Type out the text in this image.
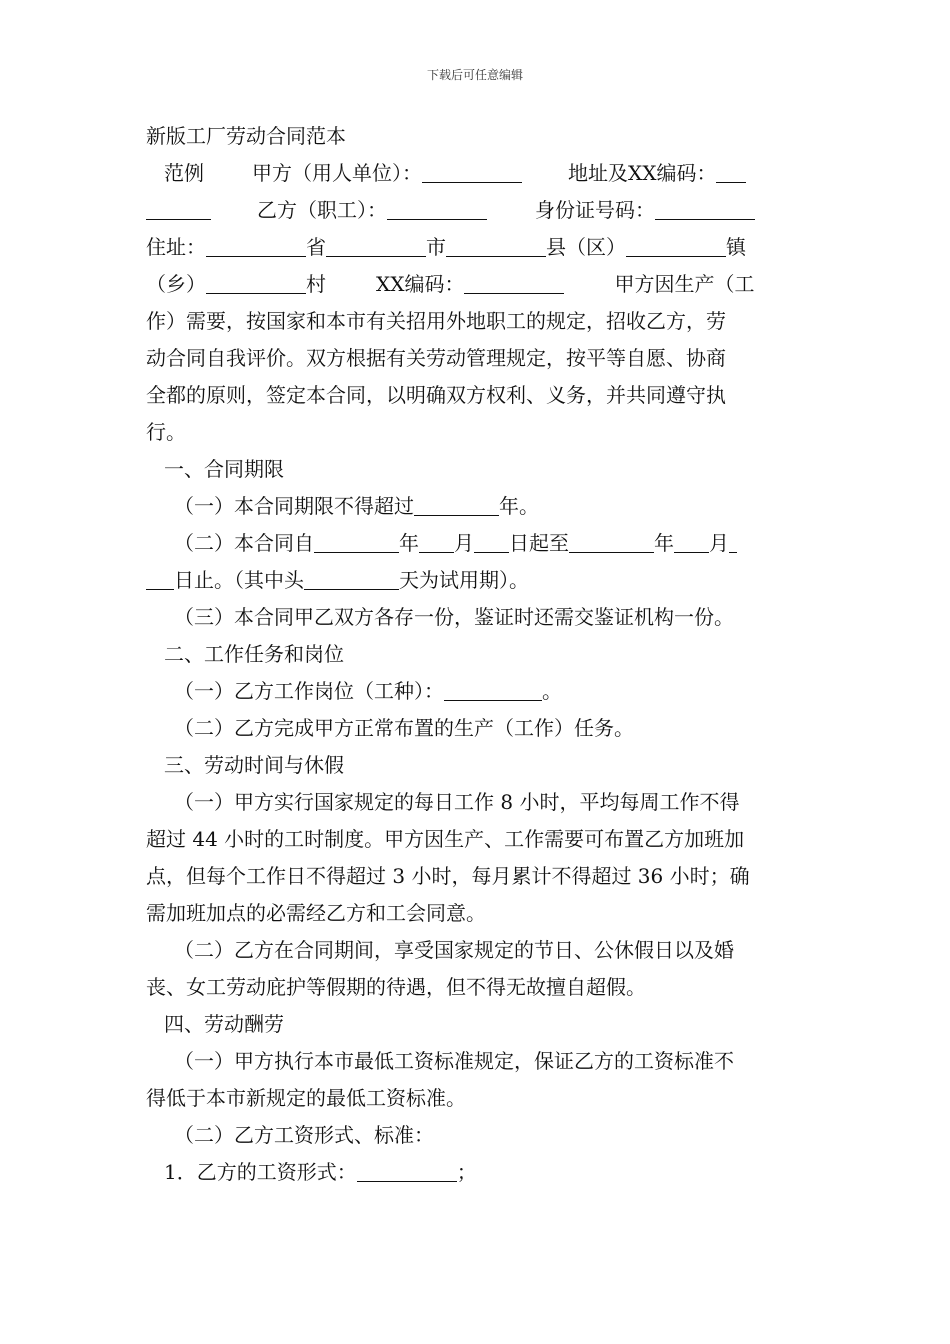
下载后可任意编辑
新版工厂劳动合同范本
范例 甲方（用人单位）：	地址及XX编码：
乙方（职工）：	身份证号码：
住址：	省	市	县（区）	镇
（乡）	村	XX编码：	甲方因生产（工
作）需要，按国家和本市有关招用外地职工的规定，招收乙方，劳
动合同自我评价。双方根据有关劳动管理规定，按平等自愿、协商
全都的原则，签定本合同，以明确双方权利、义务，并共同遵守执
行。
一、合同期限
（一）本合同期限不得超过	年。
（二）本合同自	年 月 日起至	年 月
日止。（其中头	天为试用期）。
（三）本合同甲乙双方各存一份，鉴证时还需交鉴证机构一份。
二、工作任务和岗位
（一）乙方工作岗位（工种）：	。
（二）乙方完成甲方正常布置的生产（工作）任务。
三、劳动时间与休假
（一）甲方实行国家规定的每日工作 8 小时，平均每周工作不得
超过 44 小时的工时制度。甲方因生产、工作需要可布置乙方加班加
点，但每个工作日不得超过 3 小时，每月累计不得超过 36 小时；确
需加班加点的必需经乙方和工会同意。
（二）乙方在合同期间，享受国家规定的节日、公休假日以及婚
丧、女工劳动庇护等假期的待遇，但不得无故擅自超假。
四、劳动酬劳
（一）甲方执行本市最低工资标准规定，保证乙方的工资标准不
得低于本市新规定的最低工资标准。
（二）乙方工资形式、标准：
1．乙方的工资形式：	；
